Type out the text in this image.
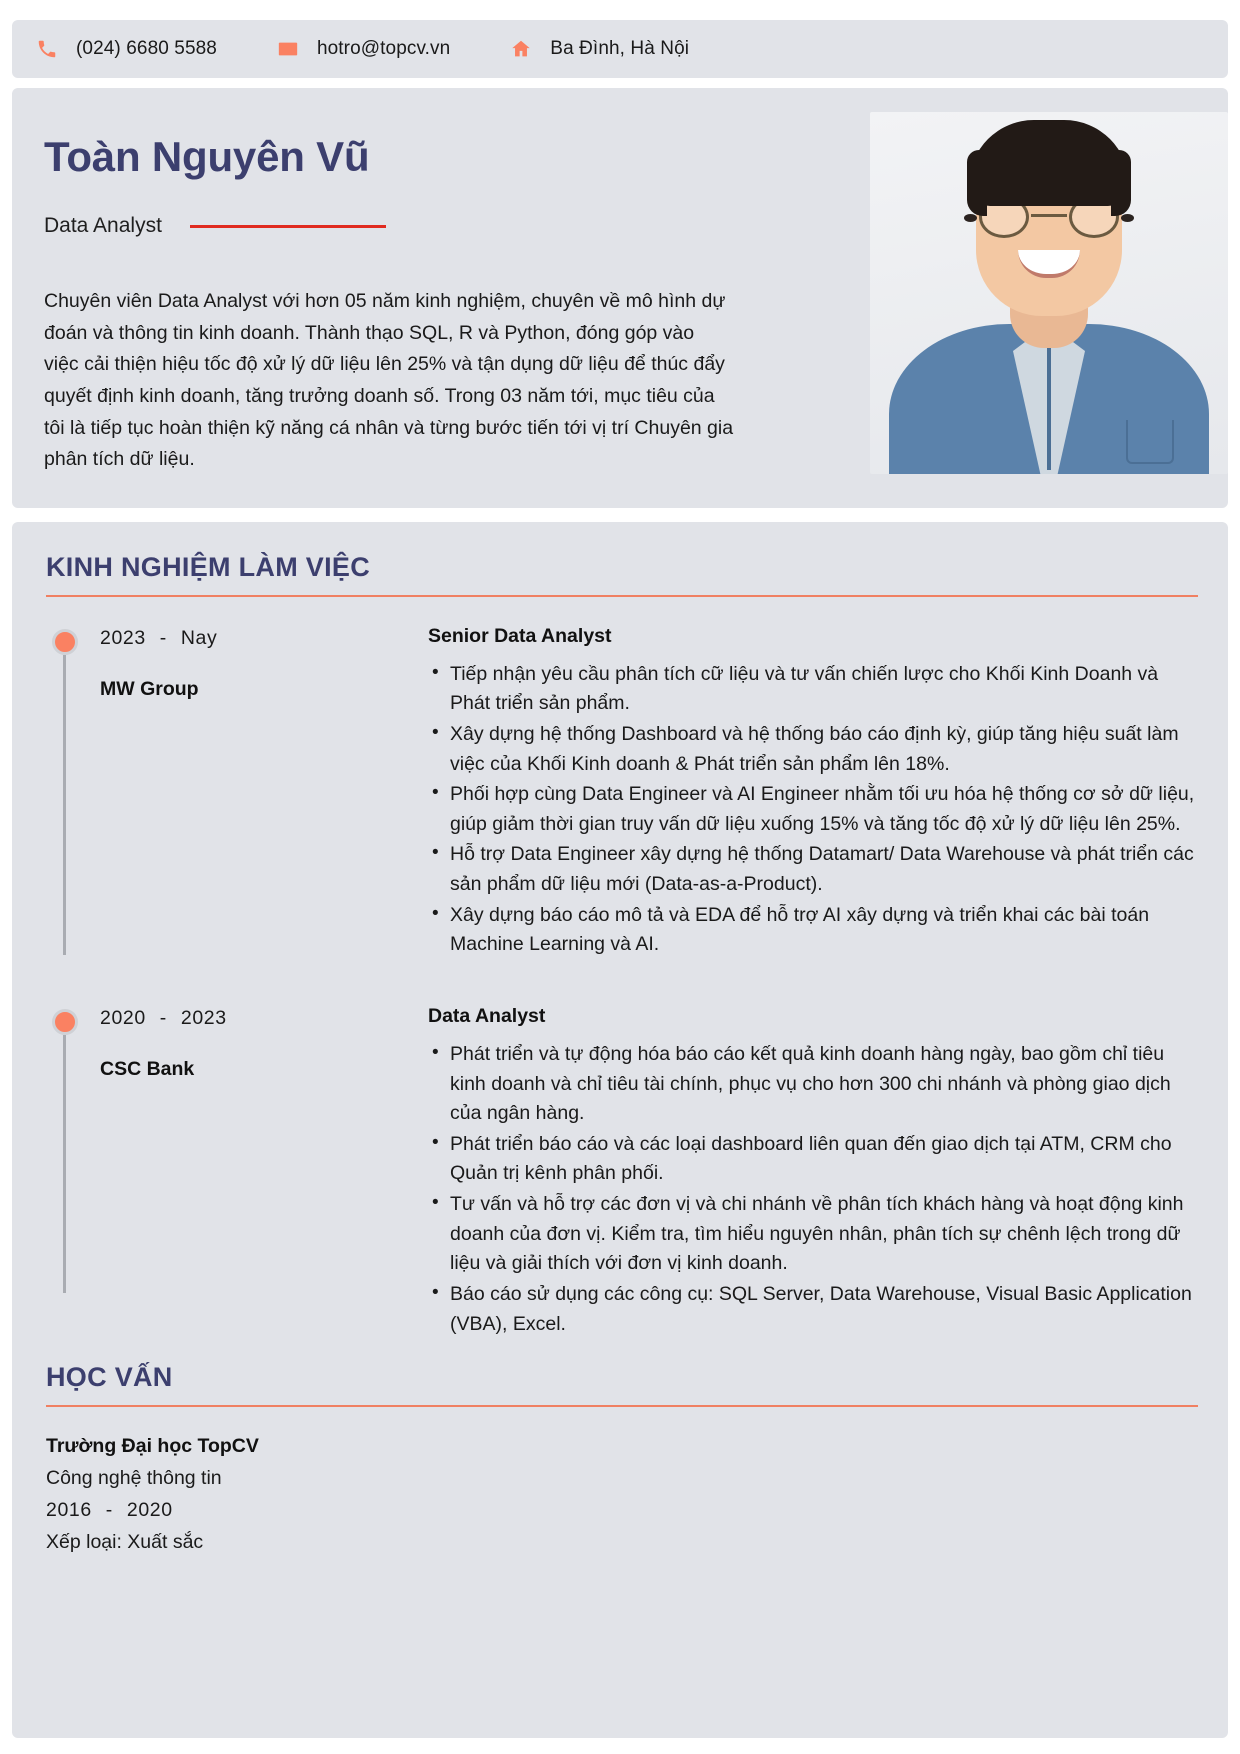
(024) 6680 5588	hotro@topcv.vn	Ba Đình, Hà Nội
Toàn Nguyên Vũ
Data Analyst
Chuyên viên Data Analyst với hơn 05 năm kinh nghiệm, chuyên về mô hình dự đoán và thông tin kinh doanh. Thành thạo SQL, R và Python, đóng góp vào việc cải thiện hiệu tốc độ xử lý dữ liệu lên 25% và tận dụng dữ liệu để thúc đẩy quyết định kinh doanh, tăng trưởng doanh số. Trong 03 năm tới, mục tiêu của tôi là tiếp tục hoàn thiện kỹ năng cá nhân và từng bước tiến tới vị trí Chuyên gia phân tích dữ liệu.
KINH NGHIỆM LÀM VIỆC
2023 - Nay
MW Group
Senior Data Analyst
• Tiếp nhận yêu cầu phân tích cữ liệu và tư vấn chiến lược cho Khối Kinh Doanh và Phát triển sản phẩm.
• Xây dựng hệ thống Dashboard và hệ thống báo cáo định kỳ, giúp tăng hiệu suất làm việc của Khối Kinh doanh & Phát triển sản phẩm lên 18%.
• Phối hợp cùng Data Engineer và AI Engineer nhằm tối ưu hóa hệ thống cơ sở dữ liệu, giúp giảm thời gian truy vấn dữ liệu xuống 15% và tăng tốc độ xử lý dữ liệu lên 25%.
• Hỗ trợ Data Engineer xây dựng hệ thống Datamart/ Data Warehouse và phát triển các sản phẩm dữ liệu mới (Data-as-a-Product).
• Xây dựng báo cáo mô tả và EDA để hỗ trợ AI xây dựng và triển khai các bài toán Machine Learning và AI.
2020 - 2023
CSC Bank
Data Analyst
• Phát triển và tự động hóa báo cáo kết quả kinh doanh hàng ngày, bao gồm chỉ tiêu kinh doanh và chỉ tiêu tài chính, phục vụ cho hơn 300 chi nhánh và phòng giao dịch của ngân hàng.
• Phát triển báo cáo và các loại dashboard liên quan đến giao dịch tại ATM, CRM cho Quản trị kênh phân phối.
• Tư vấn và hỗ trợ các đơn vị và chi nhánh về phân tích khách hàng và hoạt động kinh doanh của đơn vị. Kiểm tra, tìm hiểu nguyên nhân, phân tích sự chênh lệch trong dữ liệu và giải thích với đơn vị kinh doanh.
• Báo cáo sử dụng các công cụ: SQL Server, Data Warehouse, Visual Basic Application (VBA), Excel.
HỌC VẤN
Trường Đại học TopCV
Công nghệ thông tin
2016 - 2020
Xếp loại: Xuất sắc
